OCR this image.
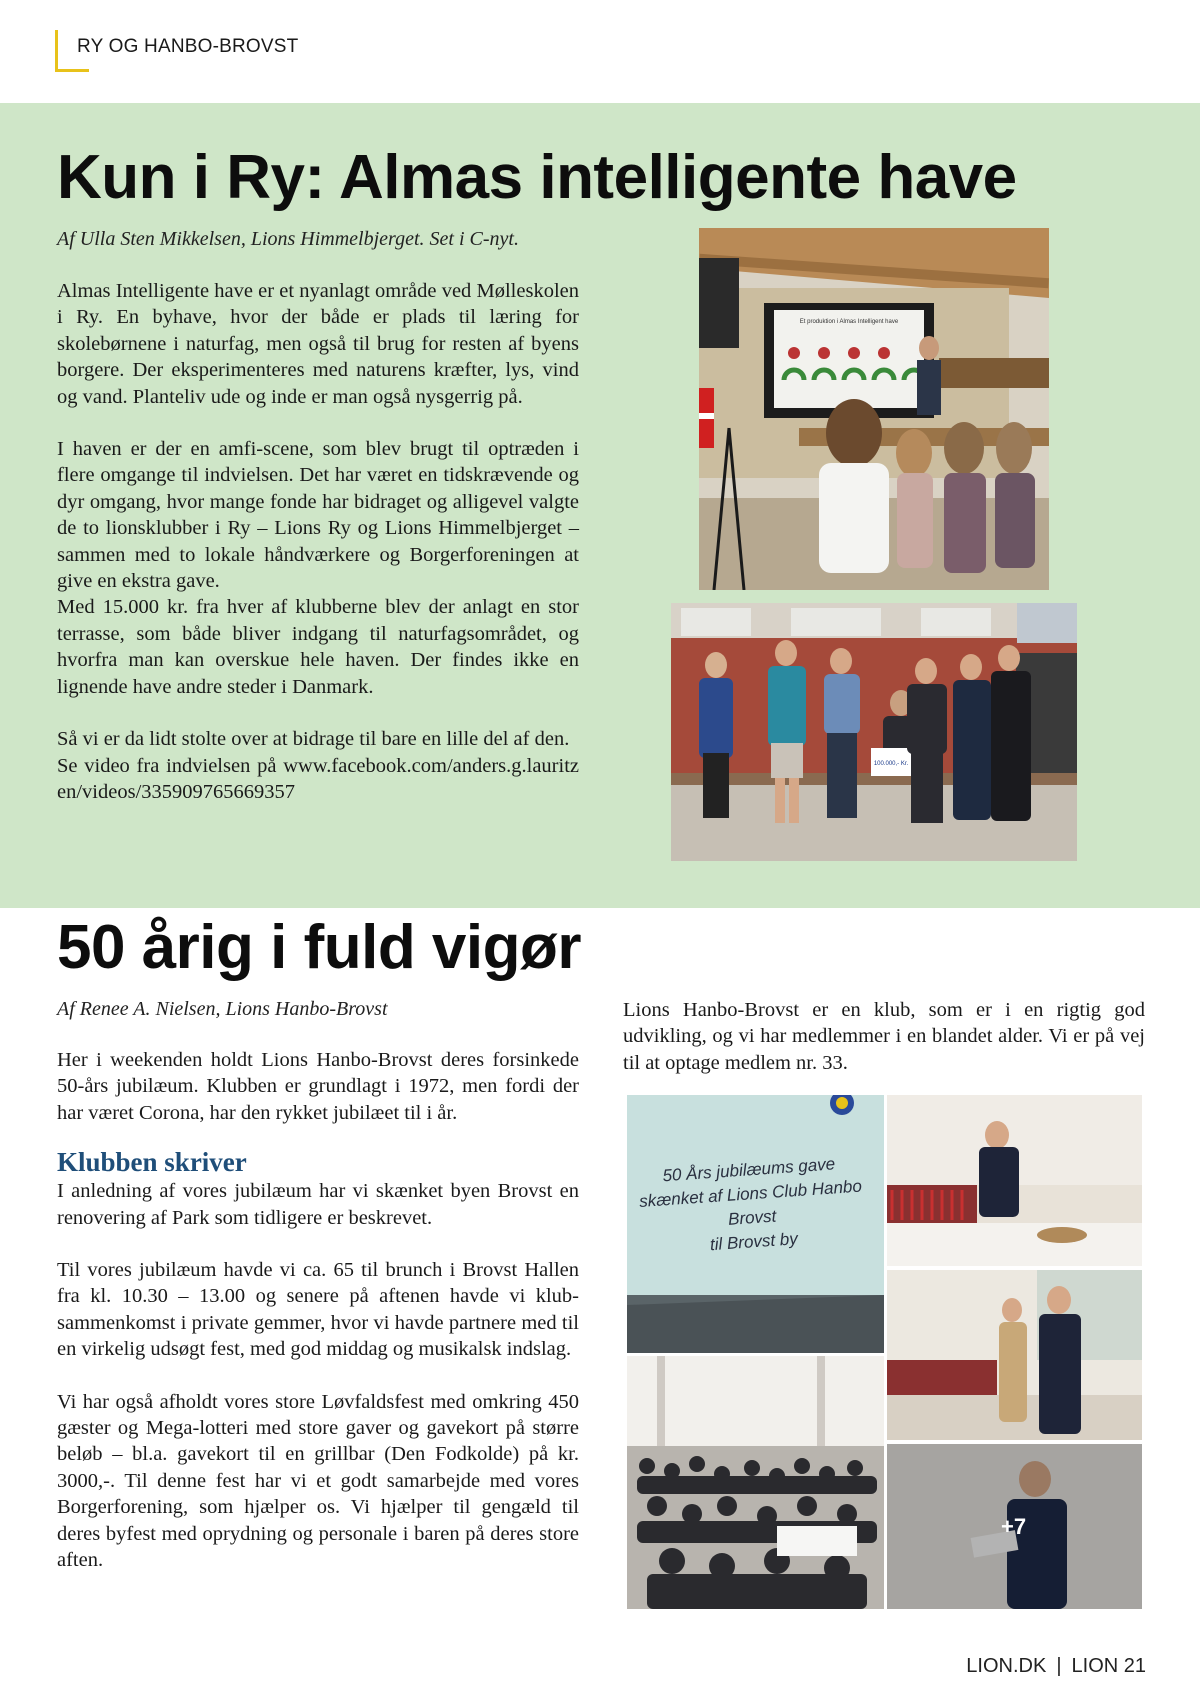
RY OG HANBO-BROVST
Kun i Ry: Almas intelligente have
Af Ulla Sten Mikkelsen, Lions Himmelbjerget. Set i C-nyt.

Almas Intelligente have er et nyanlagt område ved Mølleskolen i Ry. En byhave, hvor der både er plads til læring for skolebørnene i naturfag, men også til brug for resten af byens borgere. Der eksperimenteres med naturens kræfter, lys, vind og vand. Planteliv ude og inde er man også nysgerrig på.

I haven er der en amfi-scene, som blev brugt til optræden i flere omgange til indvielsen. Det har været en tidskrævende og dyr omgang, hvor mange fonde har bidraget og alligevel valgte de to lionsklubber i Ry – Lions Ry og Lions Himmelbjerget – sammen med to lokale håndværkere og Borgerforeningen at give en ekstra gave.

Med 15.000 kr. fra hver af klubberne blev der anlagt en stor terrasse, som både bliver indgang til naturfagsområdet, og hvorfra man kan overskue hele haven. Der findes ikke en lignende have andre steder i Danmark.

Så vi er da lidt stolte over at bidrage til bare en lille del af den.

Se video fra indvielsen på www.facebook.com/anders.g.lauritzen/videos/335909765669357

Et produktion i Almas Intelligent have
100.000,- Kr.
50 årig i fuld vigør
Af Renee A. Nielsen, Lions Hanbo-Brovst

Her i weekenden holdt Lions Hanbo-Brovst deres forsinkede 50-års jubilæum. Klubben er grundlagt i 1972, men fordi der har været Corona, har den rykket jubilæet til i år.

Klubben skriver

I anledning af vores jubilæum har vi skænket byen Brovst en renovering af Park som tidligere er beskrevet.

Til vores jubilæum havde vi ca. 65 til brunch i Brovst Hallen fra kl. 10.30 – 13.00 og senere på aftenen havde vi klub-sammenkomst i private gemmer, hvor vi havde partnere med til en virkelig udsøgt fest, med god middag og musikalsk indslag.

Vi har også afholdt vores store Løvfaldsfest med omkring 450 gæster og Mega-lotteri med store gaver og gavekort på større beløb – bl.a. gavekort til en grillbar (Den Fodkolde) på kr. 3000,-. Til denne fest har vi et godt samarbejde med vores Borgerforening, som hjælper os. Vi hjælper til gengæld til deres byfest med oprydning og personale i baren på deres store aften.

Lions Hanbo-Brovst er en klub, som er i en rigtig god udvikling, og vi har medlemmer i en blandet alder. Vi er på vej til at optage medlem nr. 33.

50 Års jubilæums gave
skænket af Lions Club Hanbo
Brovst
til Brovst by
+7
LION.DK | LION 21
